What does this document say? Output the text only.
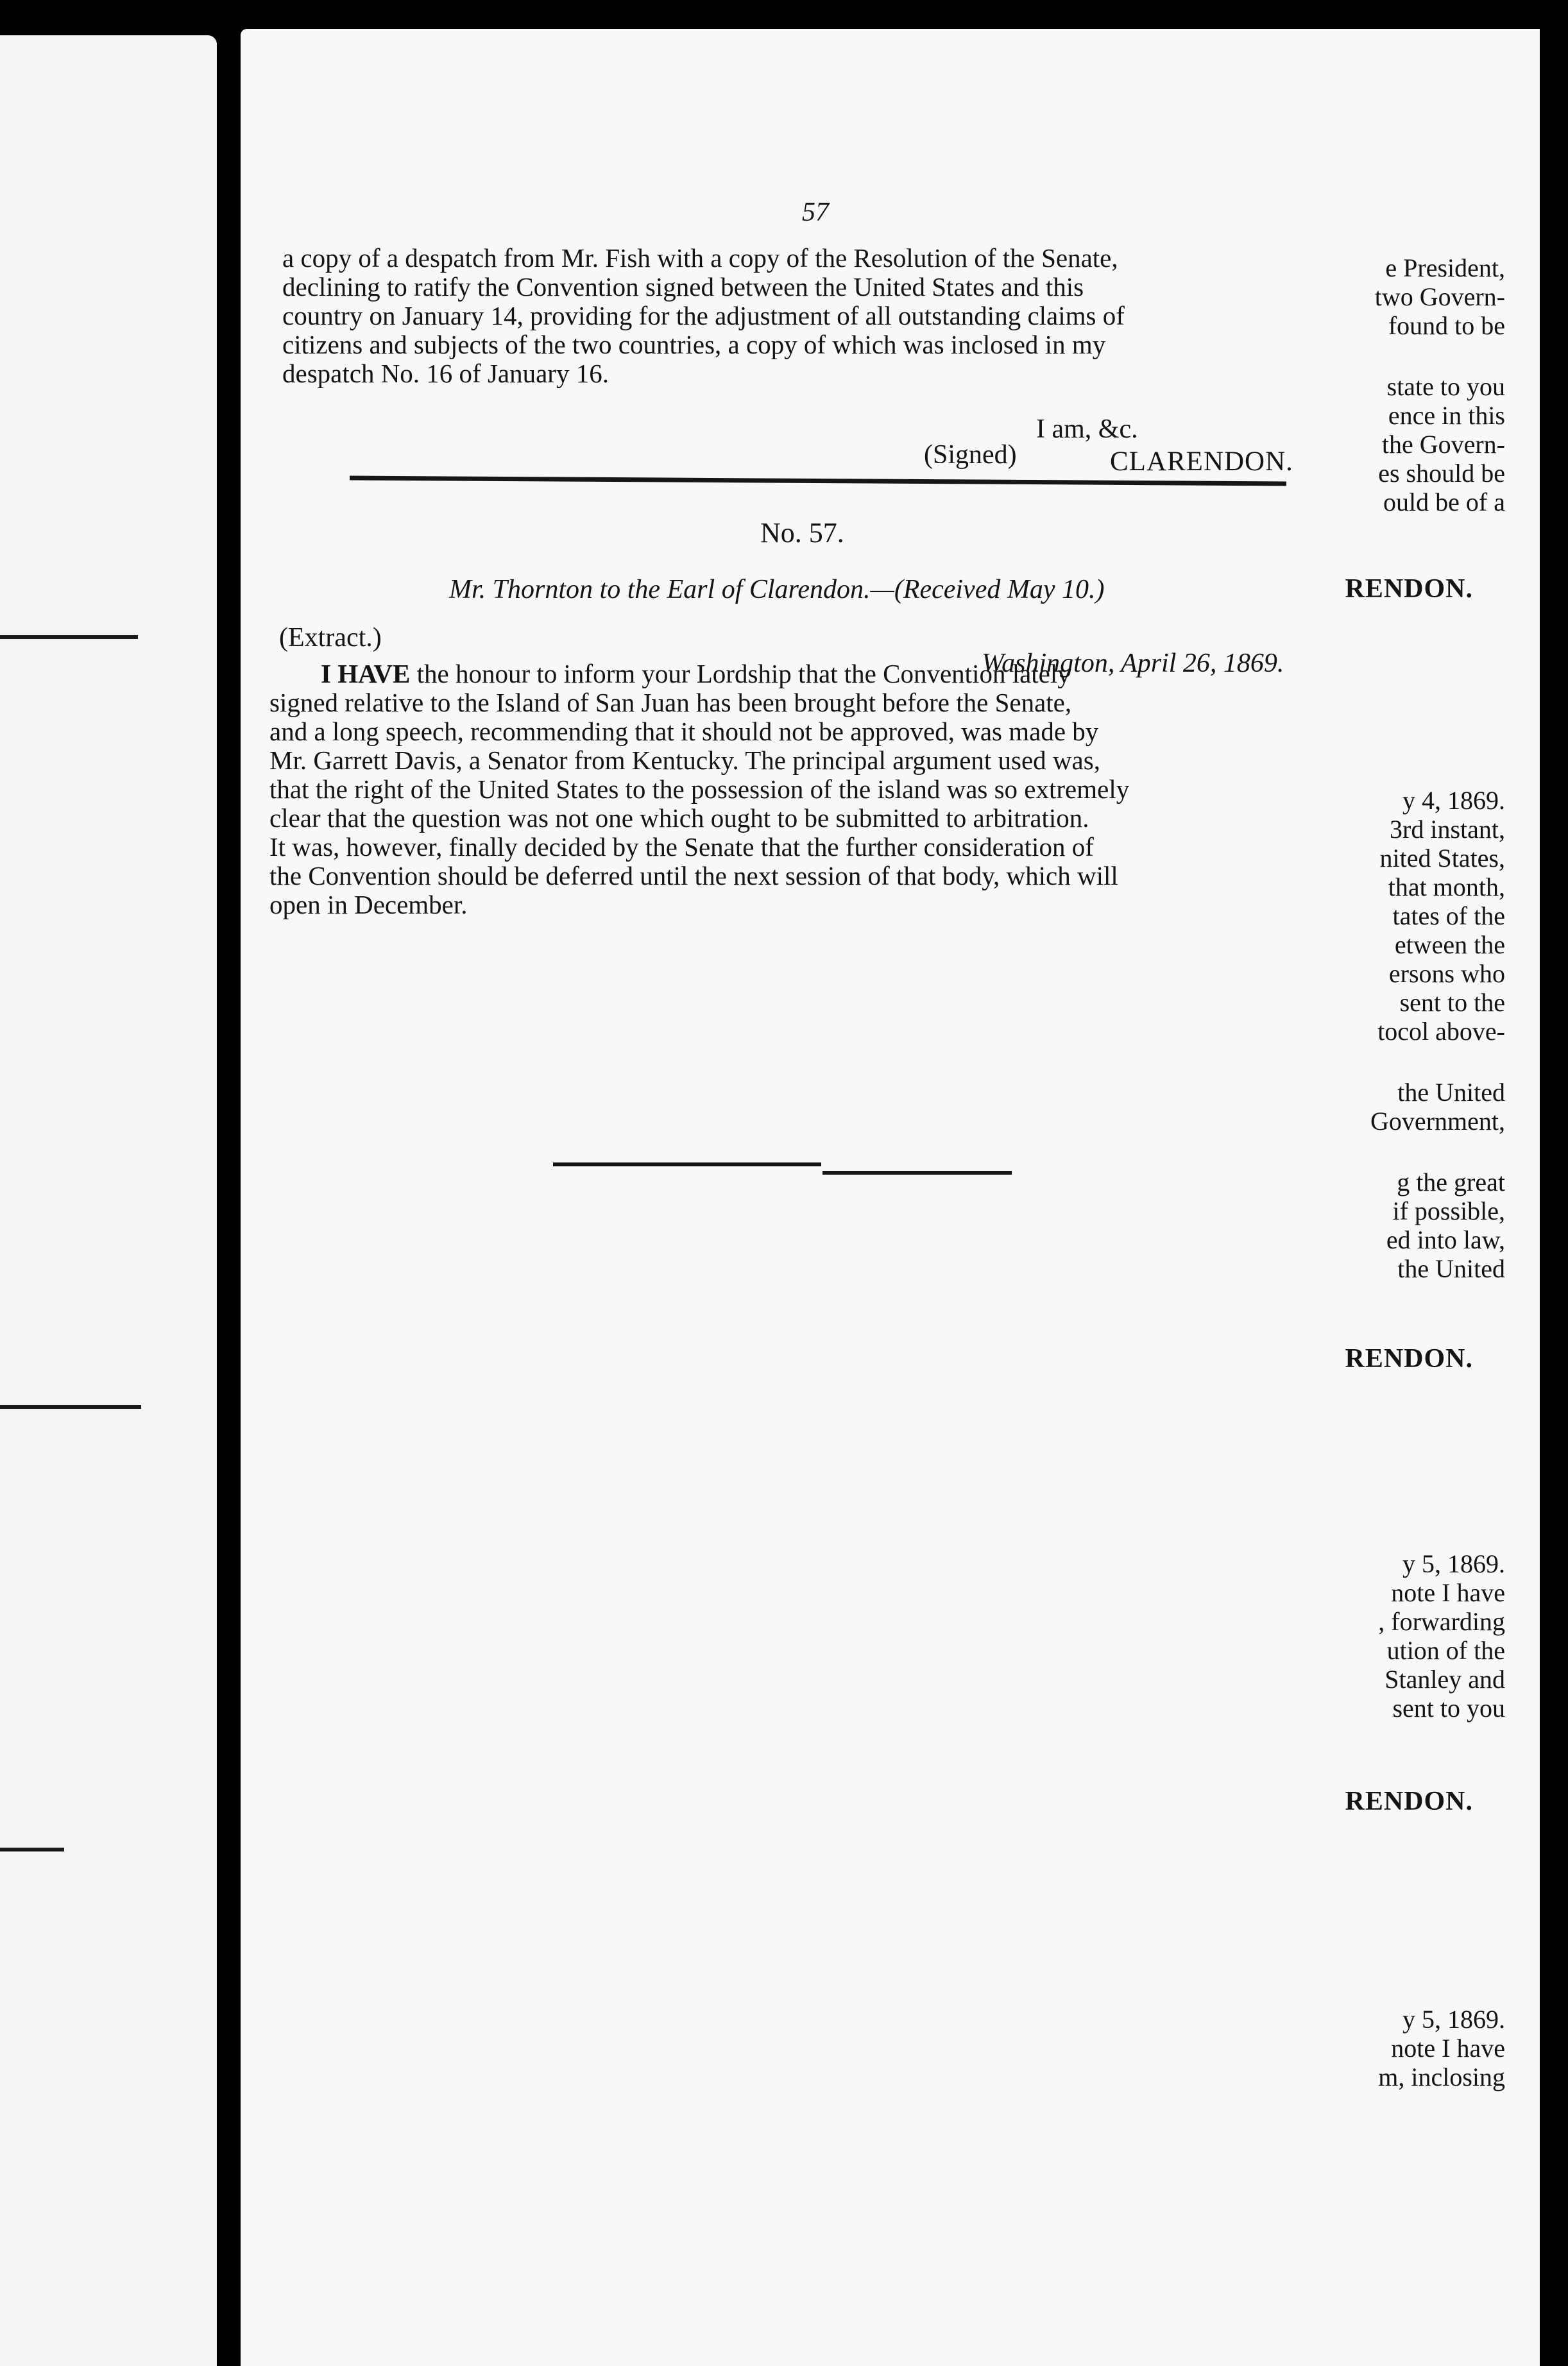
57
e President,
two Govern-
found to be
state to you
ence in this
the Govern-
es should be
ould be of a
RENDON.
y 4, 1869.
3rd instant,
nited States,
that month,
tates of the
etween the
ersons who
sent to the
tocol above-
the United
Government,
g the great
if possible,
ed into law,
the United
RENDON.
y 5, 1869.
note I have
, forwarding
ution of the
Stanley and
sent to you
RENDON.
y 5, 1869.
note I have
m, inclosing
a copy of a despatch from Mr. Fish with a copy of the Resolution of the Senate,
declining to ratify the Convention signed between the United States and this
country on January 14, providing for the adjustment of all outstanding claims of
citizens and subjects of the two countries, a copy of which was inclosed in my
despatch No. 16 of January 16.
I am, &c.
(Signed)	CLARENDON.
No. 57.
Mr. Thornton to the Earl of Clarendon.—(Received May 10.)
(Extract.)
Washington, April 26, 1869.
I HAVE the honour to inform your Lordship that the Convention lately
signed relative to the Island of San Juan has been brought before the Senate,
and a long speech, recommending that it should not be approved, was made by
Mr. Garrett Davis, a Senator from Kentucky. The principal argument used was,
that the right of the United States to the possession of the island was so extremely
clear that the question was not one which ought to be submitted to arbitration.
It was, however, finally decided by the Senate that the further consideration of
the Convention should be deferred until the next session of that body, which will
open in December.
